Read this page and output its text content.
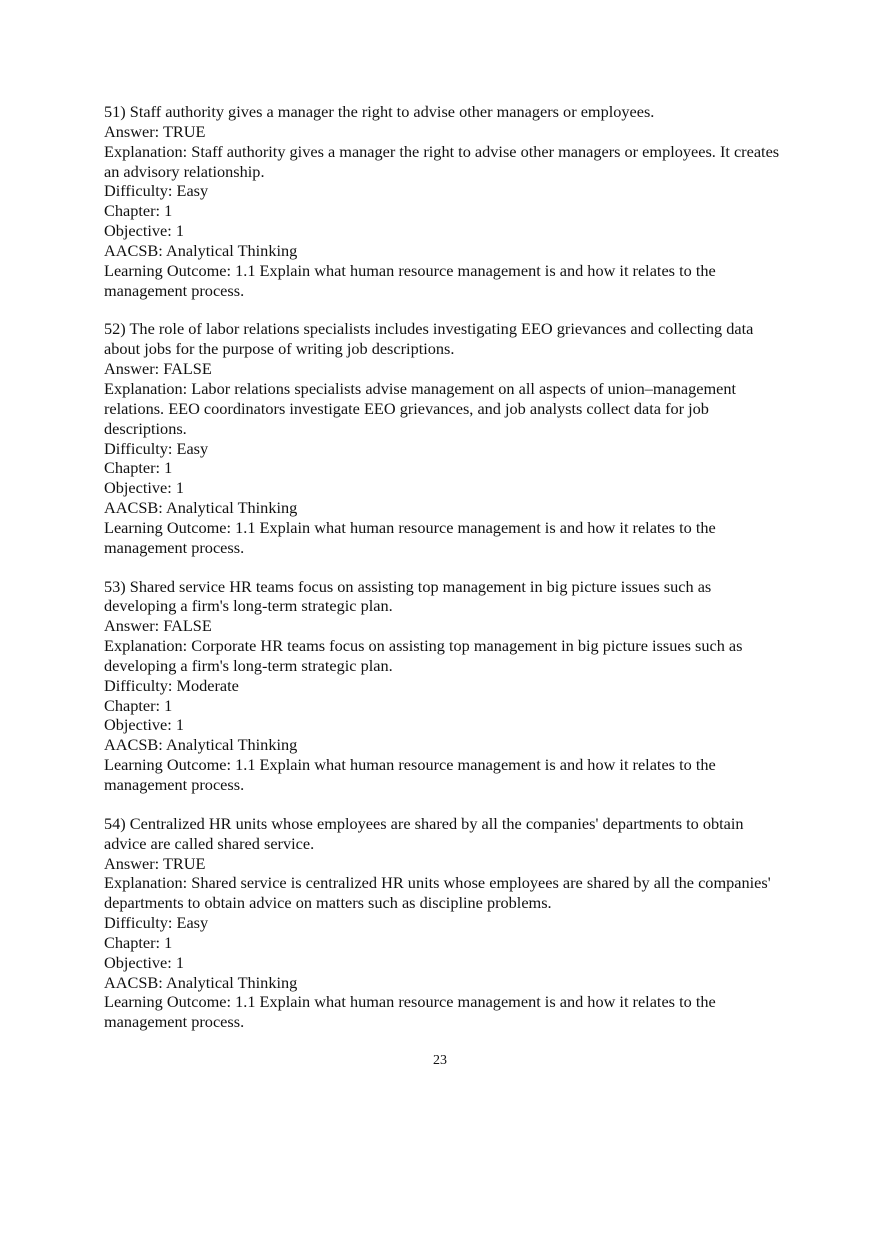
51) Staff authority gives a manager the right to advise other managers or employees.

Answer: TRUE

Explanation: Staff authority gives a manager the right to advise other managers or employees. It creates an advisory relationship.

Difficulty: Easy

Chapter: 1

Objective: 1

AACSB: Analytical Thinking

Learning Outcome: 1.1 Explain what human resource management is and how it relates to the management process.

52) The role of labor relations specialists includes investigating EEO grievances and collecting data about jobs for the purpose of writing job descriptions.

Answer: FALSE

Explanation: Labor relations specialists advise management on all aspects of union–management relations. EEO coordinators investigate EEO grievances, and job analysts collect data for job descriptions.

Difficulty: Easy

Chapter: 1

Objective: 1

AACSB: Analytical Thinking

Learning Outcome: 1.1 Explain what human resource management is and how it relates to the management process.

53) Shared service HR teams focus on assisting top management in big picture issues such as developing a firm's long-term strategic plan.

Answer: FALSE

Explanation: Corporate HR teams focus on assisting top management in big picture issues such as developing a firm's long-term strategic plan.

Difficulty: Moderate

Chapter: 1

Objective: 1

AACSB: Analytical Thinking

Learning Outcome: 1.1 Explain what human resource management is and how it relates to the management process.

54) Centralized HR units whose employees are shared by all the companies' departments to obtain advice are called shared service.

Answer: TRUE

Explanation: Shared service is centralized HR units whose employees are shared by all the companies' departments to obtain advice on matters such as discipline problems.

Difficulty: Easy

Chapter: 1

Objective: 1

AACSB: Analytical Thinking

Learning Outcome: 1.1 Explain what human resource management is and how it relates to the management process.

23
